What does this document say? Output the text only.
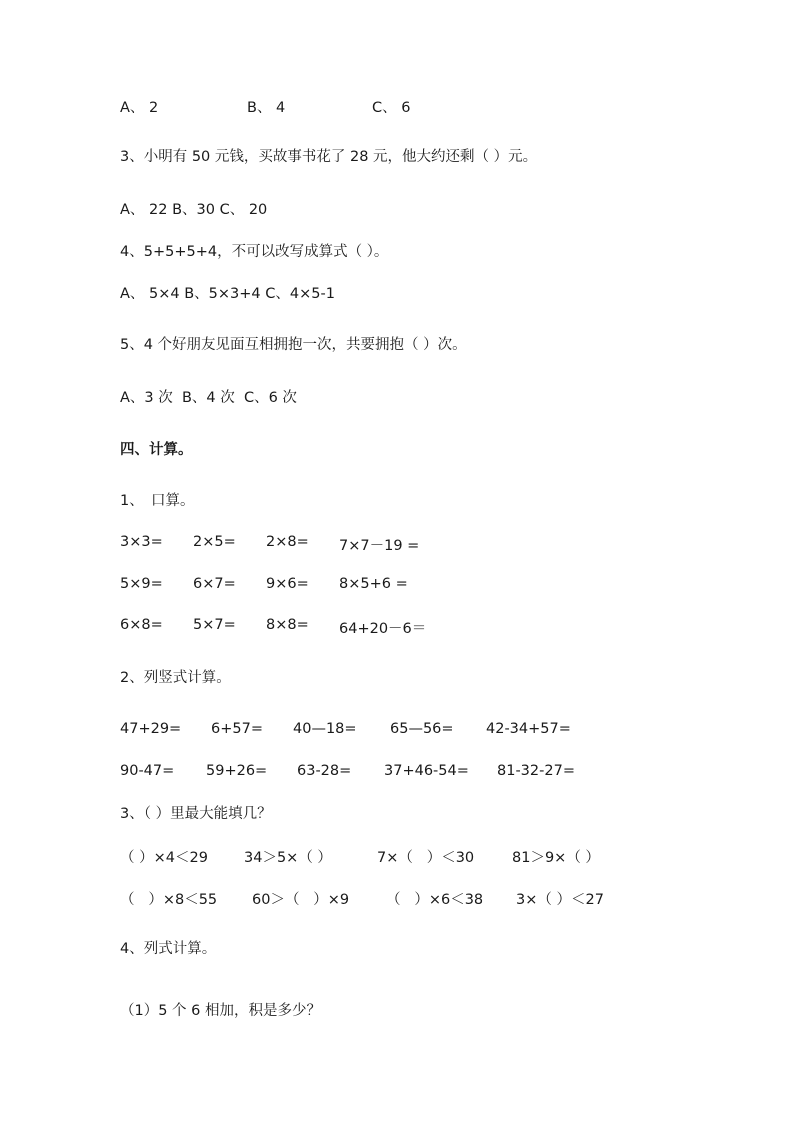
A、 2	B、 4	C、 6
3、小明有 50 元钱，买故事书花了 28 元，他大约还剩（ ）元。
A、 22 B、30 C、 20
4、5+5+5+4，不可以改写成算式（ ）。
A、 5×4 B、5×3+4 C、4×5-1
5、4 个好朋友见面互相拥抱一次，共要拥抱（ ）次。
A、3 次  B、4 次  C、6 次
四、计算。
1、　口算。
3×3= 2×5= 2×8= 7×7－19 =
5×9= 6×7= 9×6= 8×5+6 =
6×8= 5×7= 8×8= 64+20－6＝
2、列竖式计算。
47+29= 6+57= 40—18= 65—56= 42-34+57=
90-47= 59+26= 63-28= 37+46-54= 81-32-27=
3、（ ）里最大能填几？
（ ）×4＜29 34＞5×（ ）	7×（   ）＜30	81＞9×（ ）
（   ）×8＜55 60＞（   ）×9	（   ）×6＜38 3×（ ）＜27
4、列式计算。
（1）5 个 6 相加，积是多少？
